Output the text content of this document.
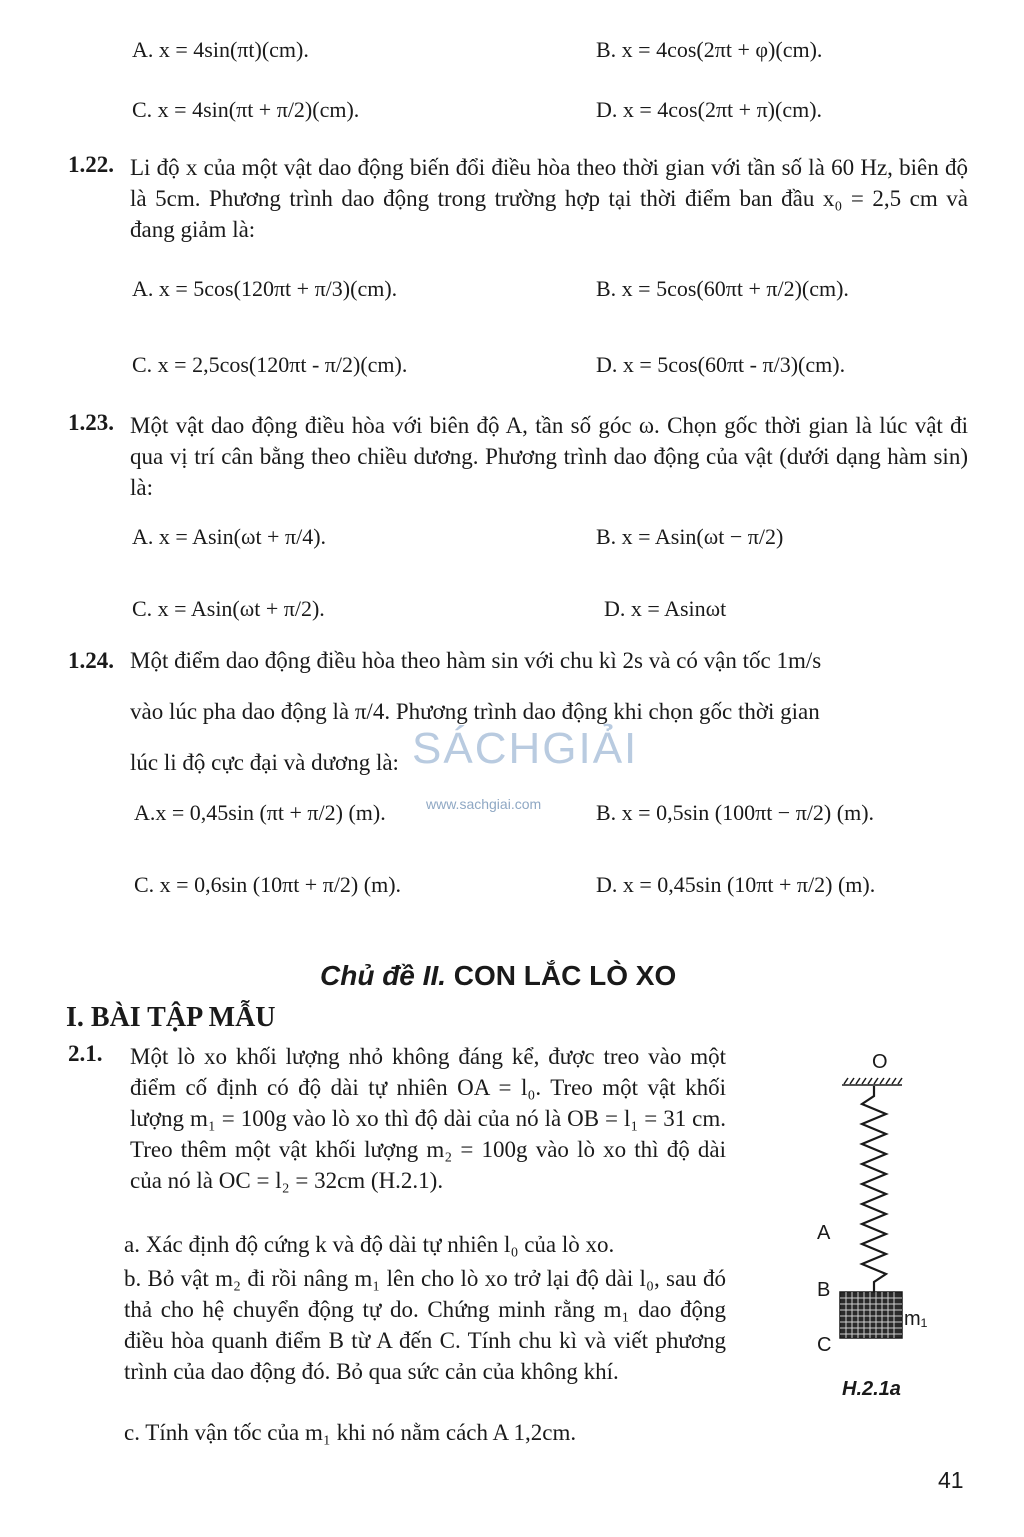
A. x = 4sin(πt)(cm).	B. x = 4cos(2πt + φ)(cm).
C. x = 4sin(πt + π/2)(cm).	D. x = 4cos(2πt + π)(cm).
1.22. Li độ x của một vật dao động biến đổi điều hòa theo thời gian với tần số là 60 Hz, biên độ là 5cm. Phương trình dao động trong trường hợp tại thời điểm ban đầu x₀ = 2,5 cm và đang giảm là:
A. x = 5cos(120πt + π/3)(cm).	B. x = 5cos(60πt + π/2)(cm).
C. x = 2,5cos(120πt - π/2)(cm).	D. x = 5cos(60πt - π/3)(cm).
1.23. Một vật dao động điều hòa với biên độ A, tần số góc ω. Chọn gốc thời gian là lúc vật đi qua vị trí cân bằng theo chiều dương. Phương trình dao động của vật (dưới dạng hàm sin) là:
A. x = Asin(ωt + π/4).	B. x = Asin(ωt − π/2)
C. x = Asin(ωt + π/2).	D. x = Asinωt
1.24. Một điểm dao động điều hòa theo hàm sin với chu kì 2s và có vận tốc 1m/s
vào lúc pha dao động là π/4. Phương trình dao động khi chọn gốc thời gian
lúc li độ cực đại và dương là: SÁCHGIẢI
www.sachgiai.com
A.x = 0,45sin (πt + π/2) (m).	B. x = 0,5sin (100πt − π/2) (m).
C. x = 0,6sin (10πt + π/2) (m).	D. x = 0,45sin (10πt + π/2) (m).
Chủ đề II. CON LẮC LÒ XO
I. BÀI TẬP MẪU
2.1. Một lò xo khối lượng nhỏ không đáng kể, được treo vào một điểm cố định có độ dài tự nhiên OA = l₀. Treo một vật khối lượng m₁ = 100g vào lò xo thì độ dài của nó là OB = l₁ = 31 cm. Treo thêm một vật khối lượng m₂ = 100g vào lò xo thì độ dài của nó là OC = l₂ = 32cm (H.2.1).
a. Xác định độ cứng k và độ dài tự nhiên l₀ của lò xo.
b. Bỏ vật m₂ đi rồi nâng m₁ lên cho lò xo trở lại độ dài l₀, sau đó thả cho hệ chuyển động tự do. Chứng minh rằng m₁ dao động điều hòa quanh điểm B từ A đến C. Tính chu kì và viết phương trình của dao động đó. Bỏ qua sức cản của không khí.
c. Tính vận tốc của m₁ khi nó nằm cách A 1,2cm.
O
A
B
C
m₁
H.2.1a
41
